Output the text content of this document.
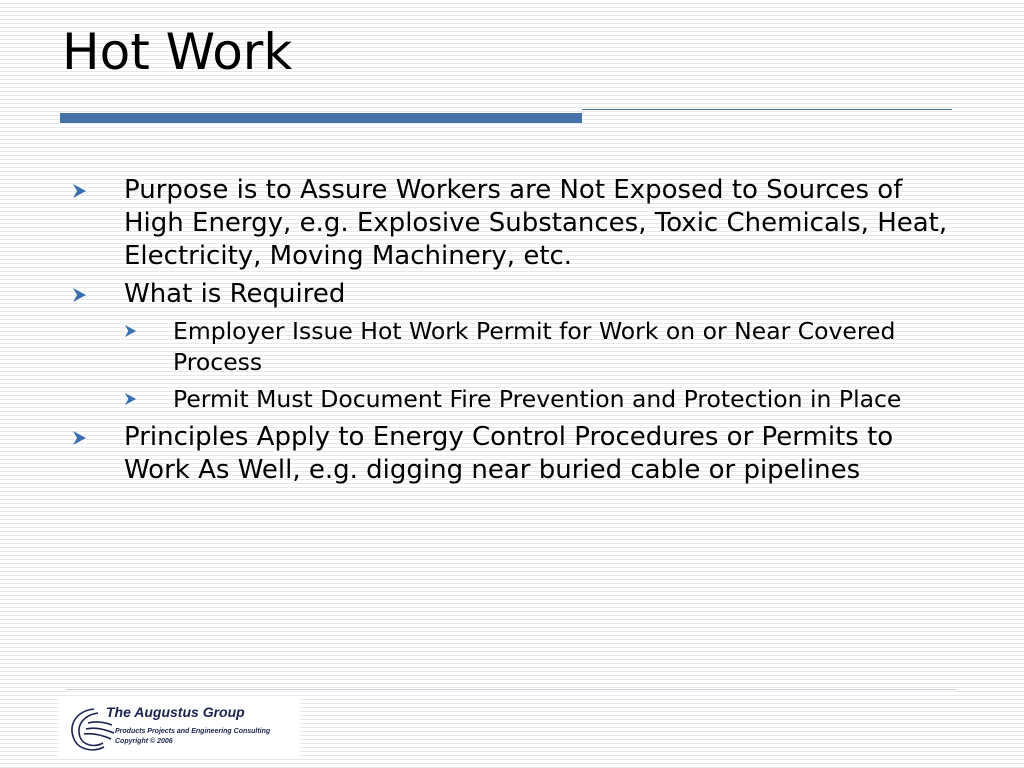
Hot Work
Purpose is to Assure Workers are Not Exposed to Sources of High Energy, e.g. Explosive Substances, Toxic Chemicals, Heat, Electricity, Moving Machinery, etc.
What is Required
Employer Issue Hot Work Permit for Work on or Near Covered Process
Permit Must Document Fire Prevention and Protection in Place
Principles Apply to Energy Control Procedures or Permits to Work As Well, e.g. digging near buried cable or pipelines
The Augustus Group
Products Projects and Engineering Consulting
Copyright © 2006
